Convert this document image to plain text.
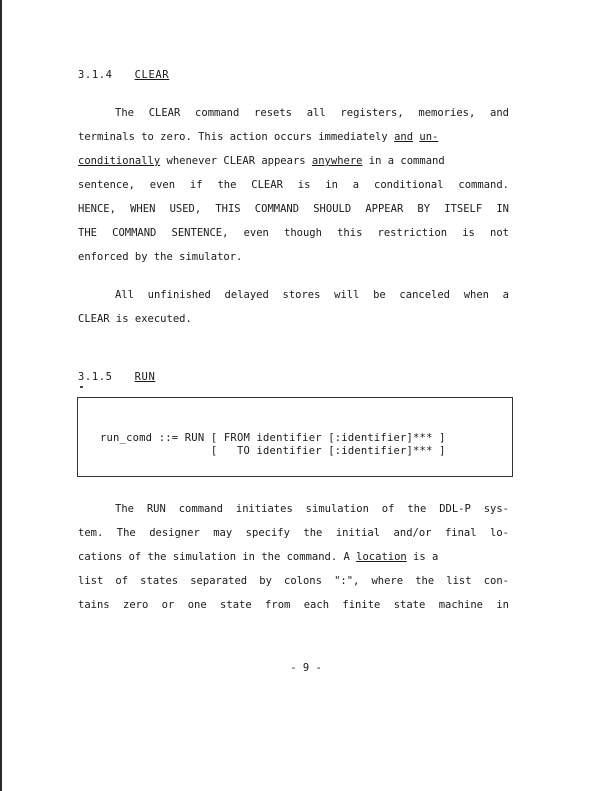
3.1.4 CLEAR
The CLEAR command resets all registers, memories, and
terminals to zero. This action occurs immediately and un-
conditionally whenever CLEAR appears anywhere in a command
sentence, even if the CLEAR is in a conditional command.
HENCE, WHEN USED, THIS COMMAND SHOULD APPEAR BY ITSELF IN
THE COMMAND SENTENCE, even though this restriction is not
enforced by the simulator.
All unfinished delayed stores will be canceled when a
CLEAR is executed.
3.1.5 RUN
run_comd ::= RUN [ FROM identifier [:identifier]*** ]
[   TO identifier [:identifier]*** ]
The RUN command initiates simulation of the DDL-P sys-
tem. The designer may specify the initial and/or final lo-
cations of the simulation in the command. A location is a
list of states separated by colons ":", where the list con-
tains zero or one state from each finite state machine in
- 9 -
